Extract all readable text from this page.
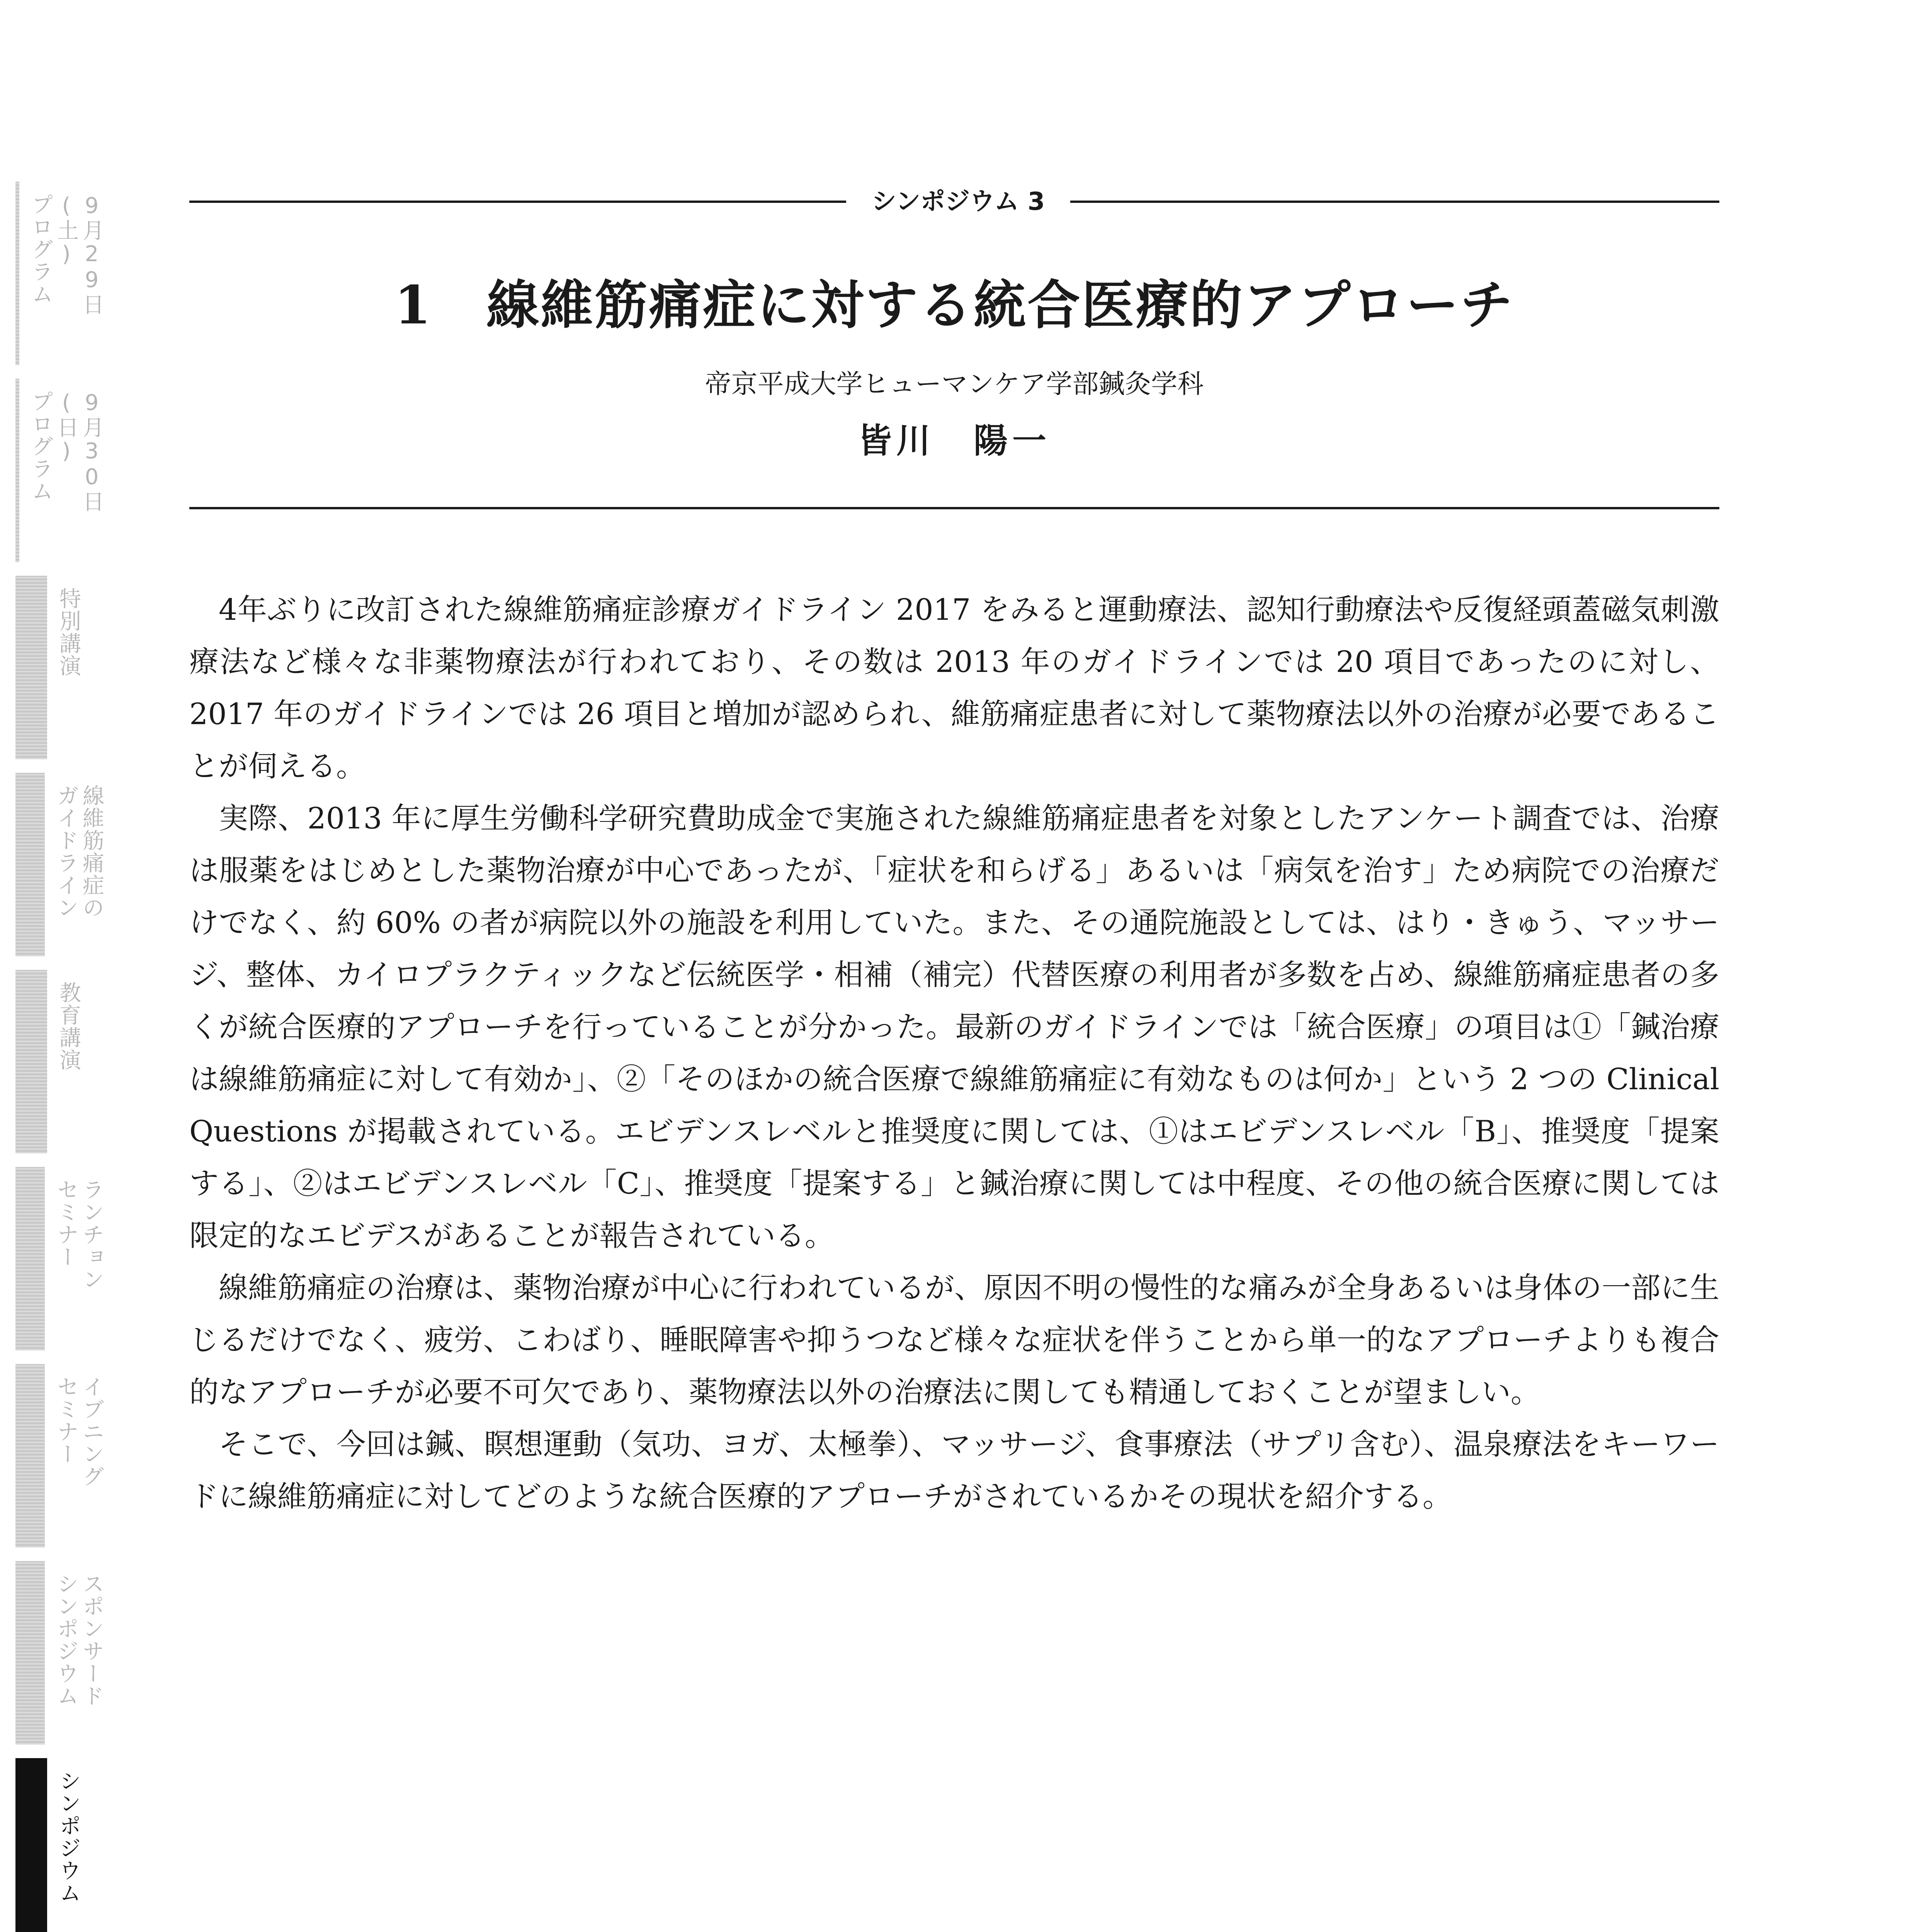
9月29日(土)
プログラム
9月30日(日)
プログラム
特別講演
線維筋痛症の
ガイドライン
教育講演
ランチョン
セミナー
イブニング
セミナー
スポンサード
シンポジウム
シンポジウム
シンポジウム 3
1　線維筋痛症に対する統合医療的アプローチ
帝京平成大学ヒューマンケア学部鍼灸学科
皆川　陽一

4年ぶりに改訂された線維筋痛症診療ガイドライン 2017 をみると運動療法、認知行動療法や反復経頭蓋磁気刺激療法など様々な非薬物療法が行われており、その数は 2013 年のガイドラインでは 20 項目であったのに対し、2017 年のガイドラインでは 26 項目と増加が認められ、維筋痛症患者に対して薬物療法以外の治療が必要であることが伺える。

実際、2013 年に厚生労働科学研究費助成金で実施された線維筋痛症患者を対象としたアンケート調査では、治療は服薬をはじめとした薬物治療が中心であったが、「症状を和らげる」あるいは「病気を治す」ため病院での治療だけでなく、約 60% の者が病院以外の施設を利用していた。また、その通院施設としては、はり・きゅう、マッサージ、整体、カイロプラクティックなど伝統医学・相補（補完）代替医療の利用者が多数を占め、線維筋痛症患者の多くが統合医療的アプローチを行っていることが分かった。最新のガイドラインでは「統合医療」の項目は①「鍼治療は線維筋痛症に対して有効か」、②「そのほかの統合医療で線維筋痛症に有効なものは何か」という 2 つの Clinical Questions が掲載されている。エビデンスレベルと推奨度に関しては、①はエビデンスレベル「B」、推奨度「提案する」、②はエビデンスレベル「C」、推奨度「提案する」と鍼治療に関しては中程度、その他の統合医療に関しては限定的なエビデスがあることが報告されている。

線維筋痛症の治療は、薬物治療が中心に行われているが、原因不明の慢性的な痛みが全身あるいは身体の一部に生じるだけでなく、疲労、こわばり、睡眠障害や抑うつなど様々な症状を伴うことから単一的なアプローチよりも複合的なアプローチが必要不可欠であり、薬物療法以外の治療法に関しても精通しておくことが望ましい。

そこで、今回は鍼、瞑想運動（気功、ヨガ、太極拳）、マッサージ、食事療法（サプリ含む）、温泉療法をキーワードに線維筋痛症に対してどのような統合医療的アプローチがされているかその現状を紹介する。
